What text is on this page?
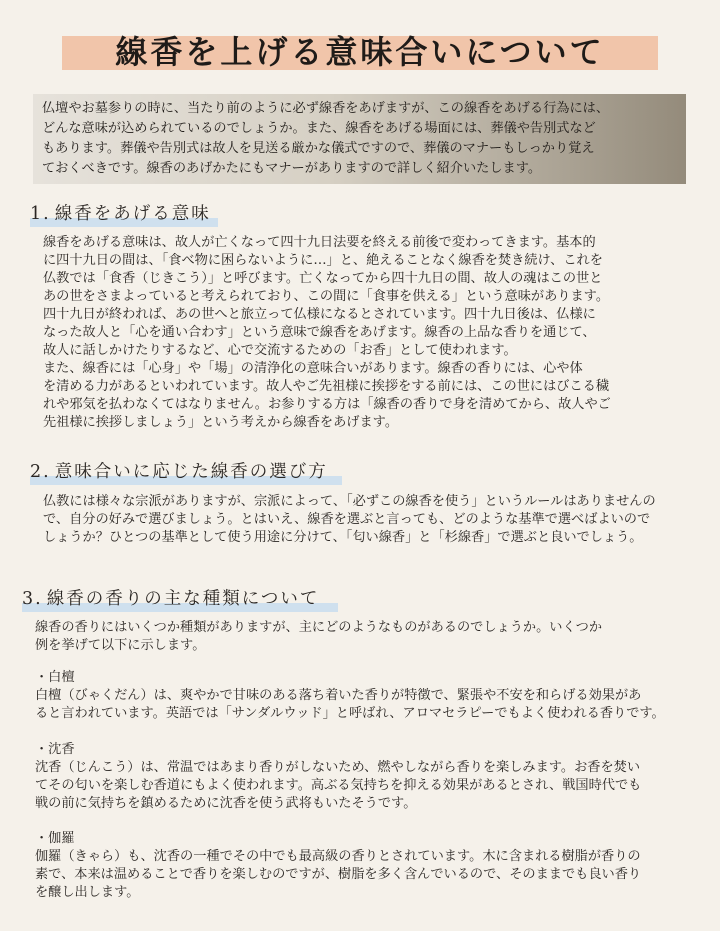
線香を上げる意味合いについて
仏壇やお墓参りの時に、当たり前のように必ず線香をあげますが、この線香をあげる行為には、
どんな意味が込められているのでしょうか。また、線香をあげる場面には、葬儀や告別式など
もあります。葬儀や告別式は故人を見送る厳かな儀式ですので、葬儀のマナーもしっかり覚え
ておくべきです。線香のあげかたにもマナーがありますので詳しく紹介いたします。
1. 線香をあげる意味
線香をあげる意味は、故人が亡くなって四十九日法要を終える前後で変わってきます。基本的
に四十九日の間は、「食べ物に困らないように…」と、絶えることなく線香を焚き続け、これを
仏教では「食香（じきこう）」と呼びます。亡くなってから四十九日の間、故人の魂はこの世と
あの世をさまよっていると考えられており、この間に「食事を供える」という意味があります。
四十九日が終われば、あの世へと旅立って仏様になるとされています。四十九日後は、仏様に
なった故人と「心を通い合わす」という意味で線香をあげます。線香の上品な香りを通じて、
故人に話しかけたりするなど、心で交流するための「お香」として使われます。
また、線香には「心身」や「場」の清浄化の意味合いがあります。線香の香りには、心や体
を清める力があるといわれています。故人やご先祖様に挨拶をする前には、この世にはびこる穢
れや邪気を払わなくてはなりません。お参りする方は「線香の香りで身を清めてから、故人やご
先祖様に挨拶しましょう」という考えから線香をあげます。
2. 意味合いに応じた線香の選び方
仏教には様々な宗派がありますが、宗派によって、「必ずこの線香を使う」というルールはありませんの
で、自分の好みで選びましょう。とはいえ、線香を選ぶと言っても、どのような基準で選べばよいので
しょうか？ひとつの基準として使う用途に分けて、「匂い線香」と「杉線香」で選ぶと良いでしょう。
3. 線香の香りの主な種類について
線香の香りにはいくつか種類がありますが、主にどのようなものがあるのでしょうか。いくつか
例を挙げて以下に示します。
・白檀
白檀（びゃくだん）は、爽やかで甘味のある落ち着いた香りが特徴で、緊張や不安を和らげる効果があ
ると言われています。英語では「サンダルウッド」と呼ばれ、アロマセラピーでもよく使われる香りです。
・沈香
沈香（じんこう）は、常温ではあまり香りがしないため、燃やしながら香りを楽しみます。お香を焚い
てその匂いを楽しむ香道にもよく使われます。高ぶる気持ちを抑える効果があるとされ、戦国時代でも
戦の前に気持ちを鎮めるために沈香を使う武将もいたそうです。
・伽羅
伽羅（きゃら）も、沈香の一種でその中でも最高級の香りとされています。木に含まれる樹脂が香りの
素で、本来は温めることで香りを楽しむのですが、樹脂を多く含んでいるので、そのままでも良い香り
を醸し出します。
